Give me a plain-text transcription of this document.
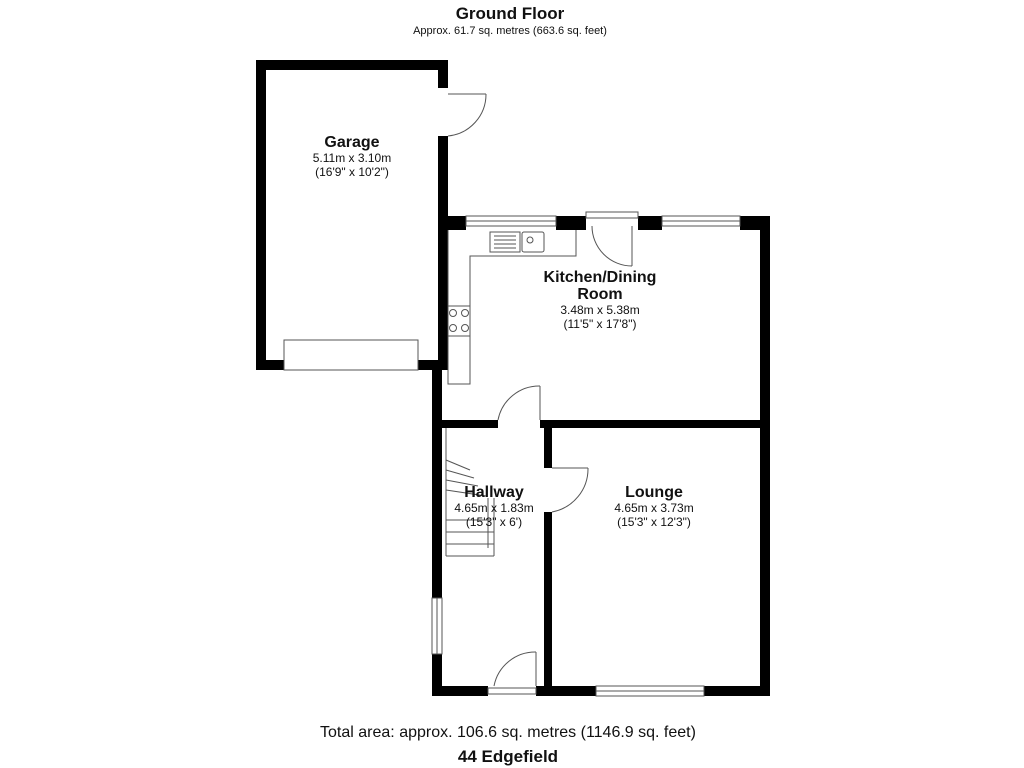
Ground Floor
Approx. 61.7 sq. metres (663.6 sq. feet)
Garage
5.11m x 3.10m
(16'9" x 10'2")
Kitchen/Dining
Room
3.48m x 5.38m
(11'5" x 17'8")
Hallway
4.65m x 1.83m
(15'3" x 6')
Lounge
4.65m x 3.73m
(15'3" x 12'3")
Total area: approx. 106.6 sq. metres (1146.9 sq. feet)
44 Edgefield
